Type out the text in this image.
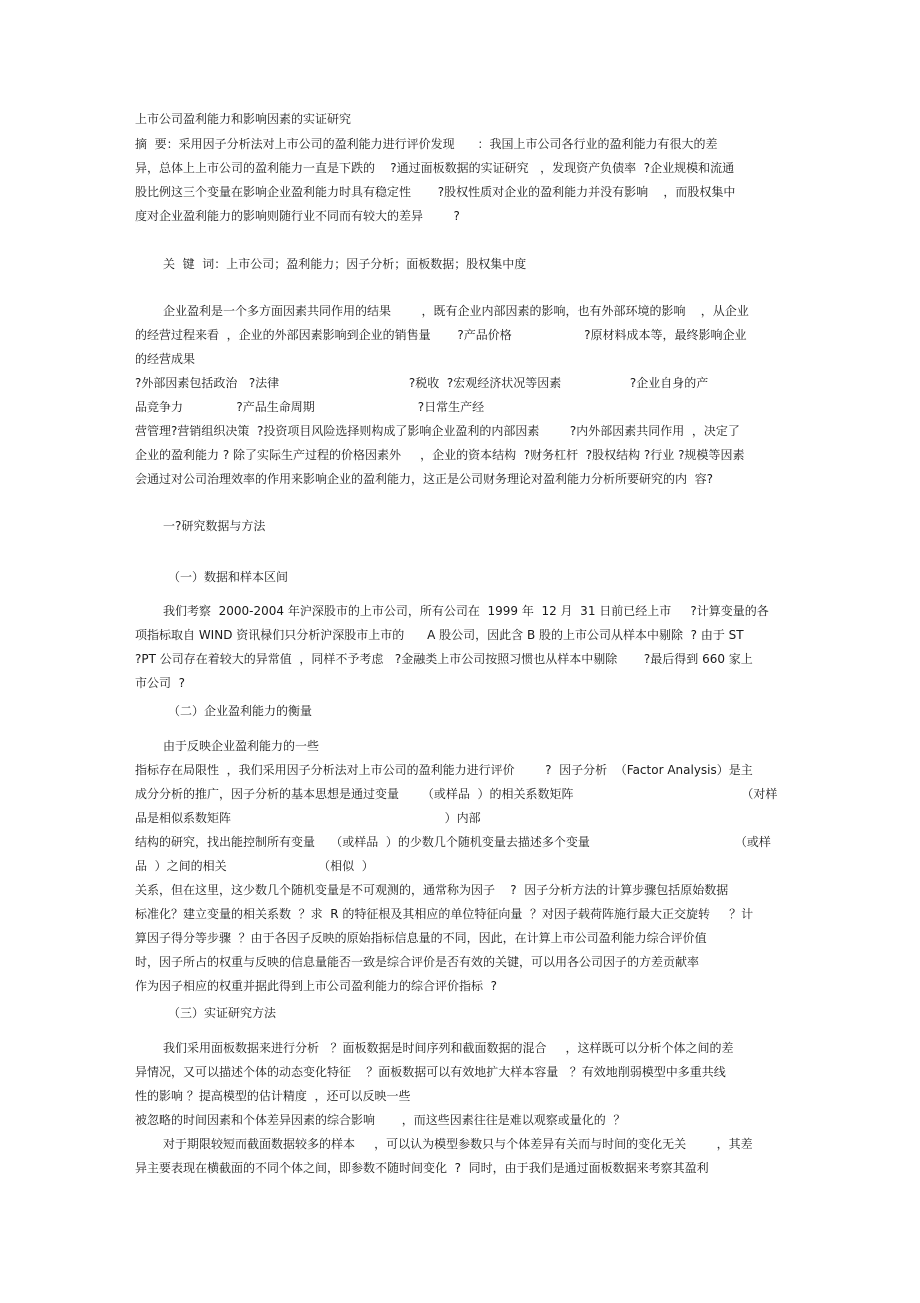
上市公司盈利能力和影响因素的实证研究
摘  要：采用因子分析法对上市公司的盈利能力进行评价发现      ：我国上市公司各行业的盈利能力有很大的差
异，总体上上市公司的盈利能力一直是下跌的    ?通过面板数据的实证研究   ，发现资产负债率  ?企业规模和流通
股比例这三个变量在影响企业盈利能力时具有稳定性       ?股权性质对企业的盈利能力并没有影响    ，而股权集中
度对企业盈利能力的影响则随行业不同而有较大的差异        ?
关  键  词：上市公司；盈利能力；因子分析；面板数据；股权集中度
企业盈利是一个多方面因素共同作用的结果        ，既有企业内部因素的影响，也有外部环境的影响    ，从企业
的经营过程来看  ，企业的外部因素影响到企业的销售量       ?产品价格                   ?原材料成本等，最终影响企业
的经营成果
?外部因素包括政治   ?法律                                  ?税收  ?宏观经济状况等因素                  ?企业自身的产
品竞争力              ?产品生命周期                           ?日常生产经
营管理?营销组织决策  ?投资项目风险选择则构成了影响企业盈利的内部因素        ?内外部因素共同作用  ，决定了
企业的盈利能力 ? 除了实际生产过程的价格因素外     ，企业的资本结构  ?财务杠杆  ?股权结构 ?行业 ?规模等因素
会通过对公司治理效率的作用来影响企业的盈利能力，这正是公司财务理论对盈利能力分析所要研究的内  容?
一?研究数据与方法
（一）数据和样本区间
我们考察  2000-2004 年沪深股市的上市公司，所有公司在  1999 年  12 月  31 日前已经上市     ?计算变量的各
项指标取自 WIND 资讯椂们只分析沪深股市上市的      A 股公司，因此含 B 股的上市公司从样本中剔除  ? 由于 ST
?PT 公司存在着较大的异常值  ，同样不予考虑   ?金融类上市公司按照习惯也从样本中剔除       ?最后得到 660 家上
市公司  ?
（二）企业盈利能力的衡量
由于反映企业盈利能力的一些
指标存在局限性  ，我们采用因子分析法对上市公司的盈利能力进行评价        ?  因子分析  （Factor Analysis）是主
成分分析的推广，因子分析的基本思想是通过变量      （或样品  ）的相关系数矩阵                                            （对样
品是相似系数矩阵                                                        ）内部
结构的研究，找出能控制所有变量    （或样品  ）的少数几个随机变量去描述多个变量                                      （或样
品  ）之间的相关                        （相似  ）
关系，但在这里，这少数几个随机变量是不可观测的，通常称为因子    ?  因子分析方法的计算步骤包括原始数据
标准化？建立变量的相关系数  ？求  R 的特征根及其相应的单位特征向量  ？对因子载荷阵施行最大正交旋转     ？计
算因子得分等步骤  ？由于各因子反映的原始指标信息量的不同，因此，在计算上市公司盈利能力综合评价值
时，因子所占的权重与反映的信息量能否一致是综合评价是否有效的关键，可以用各公司因子的方差贡献率
作为因子相应的权重并据此得到上市公司盈利能力的综合评价指标  ?
（三）实证研究方法
我们采用面板数据来进行分析   ？面板数据是时间序列和截面数据的混合     ，这样既可以分析个体之间的差
异情况，又可以描述个体的动态变化特征    ？面板数据可以有效地扩大样本容量   ？有效地削弱模型中多重共线
性的影响 ？提高模型的估计精度  ，还可以反映一些
被忽略的时间因素和个体差异因素的综合影响       ，而这些因素往往是难以观察或量化的  ？
对于期限较短而截面数据较多的样本     ，可以认为模型参数只与个体差异有关而与时间的变化无关        ，其差
异主要表现在横截面的不同个体之间，即参数不随时间变化  ?  同时，由于我们是通过面板数据来考察其盈利
